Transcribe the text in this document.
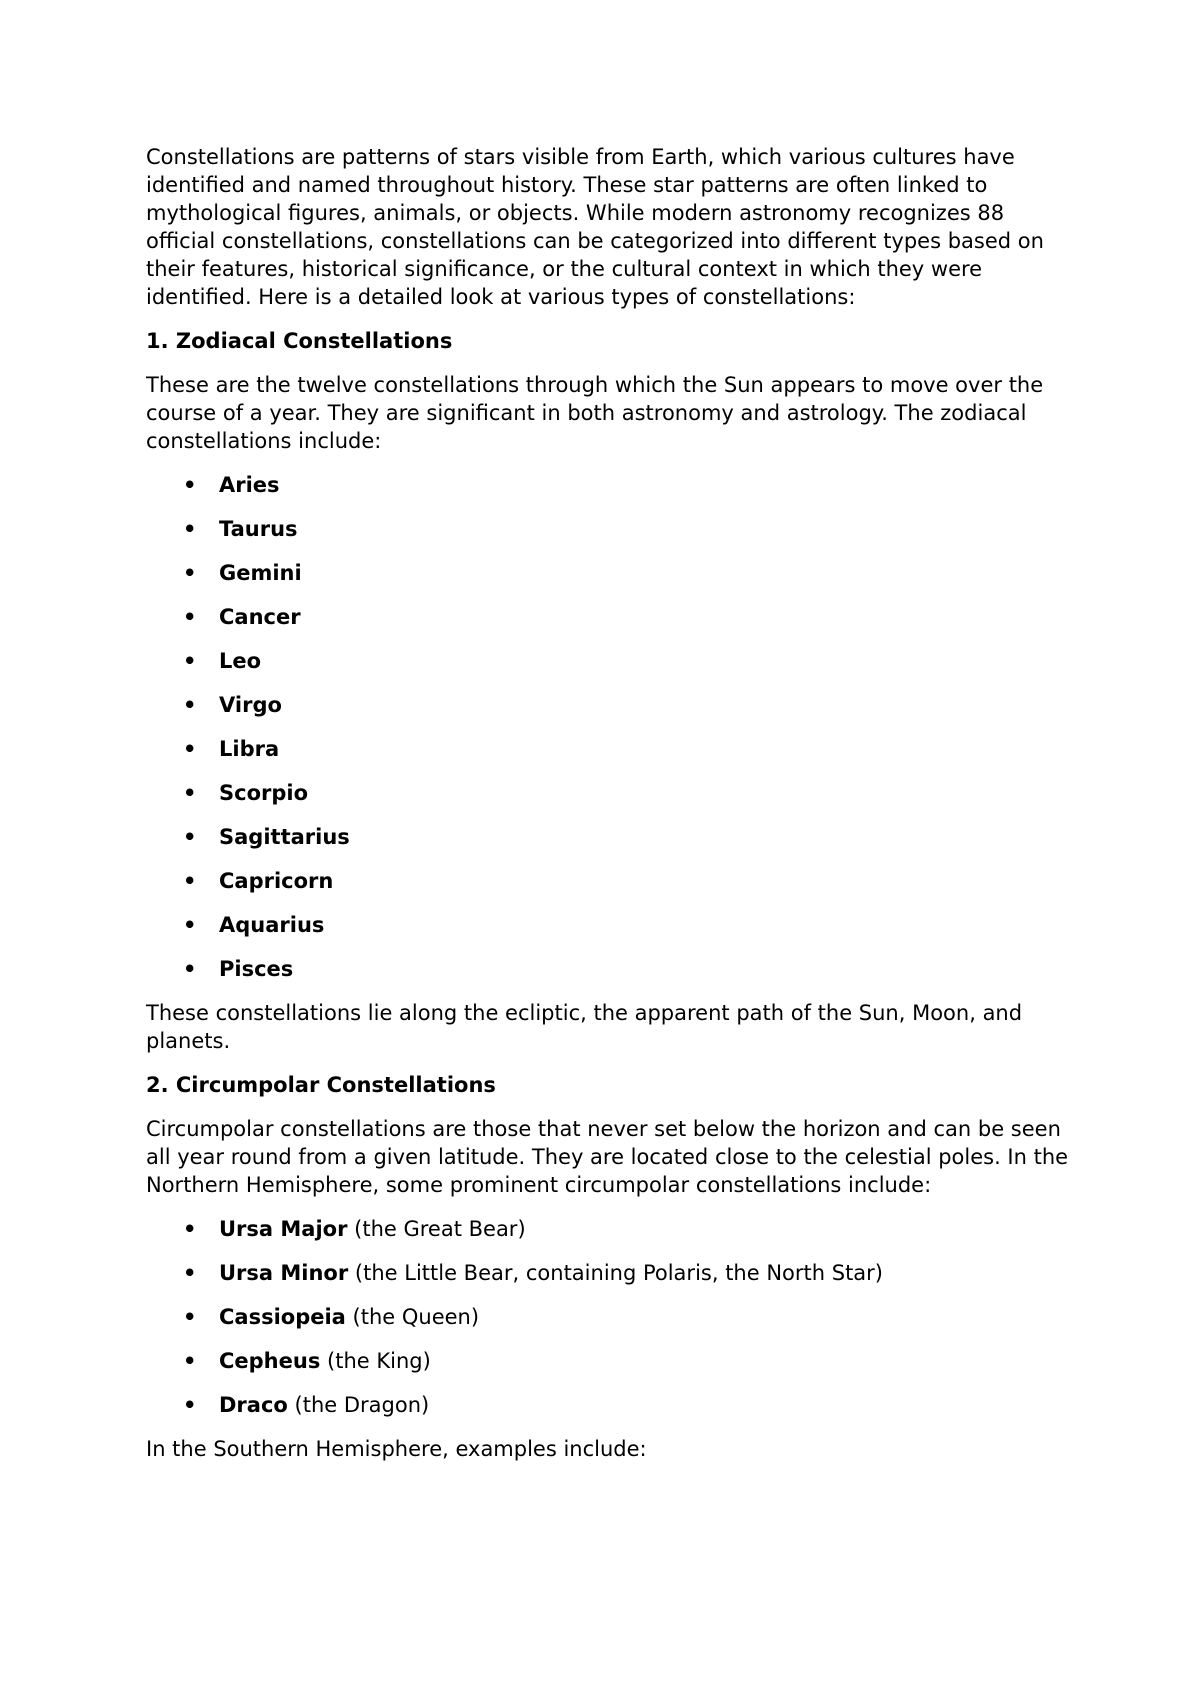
Constellations are patterns of stars visible from Earth, which various cultures have identified and named throughout history. These star patterns are often linked to mythological figures, animals, or objects. While modern astronomy recognizes 88 official constellations, constellations can be categorized into different types based on their features, historical significance, or the cultural context in which they were identified. Here is a detailed look at various types of constellations:

1. Zodiacal Constellations

These are the twelve constellations through which the Sun appears to move over the course of a year. They are significant in both astronomy and astrology. The zodiacal constellations include:

• Aries
• Taurus
• Gemini
• Cancer
• Leo
• Virgo
• Libra
• Scorpio
• Sagittarius
• Capricorn
• Aquarius
• Pisces

These constellations lie along the ecliptic, the apparent path of the Sun, Moon, and planets.

2. Circumpolar Constellations

Circumpolar constellations are those that never set below the horizon and can be seen all year round from a given latitude. They are located close to the celestial poles. In the Northern Hemisphere, some prominent circumpolar constellations include:

• Ursa Major (the Great Bear)
• Ursa Minor (the Little Bear, containing Polaris, the North Star)
• Cassiopeia (the Queen)
• Cepheus (the King)
• Draco (the Dragon)

In the Southern Hemisphere, examples include:
